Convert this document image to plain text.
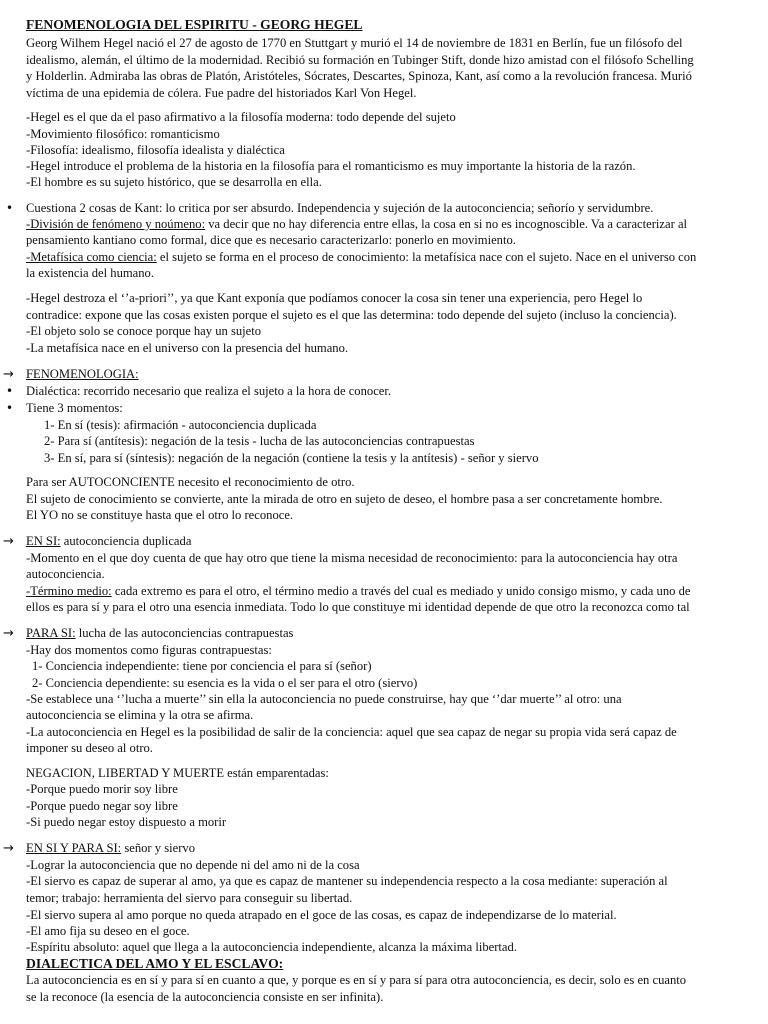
FENOMENOLOGIA DEL ESPIRITU - GEORG HEGEL
Georg Wilhem Hegel nació el 27 de agosto de 1770 en Stuttgart y murió el 14 de noviembre de 1831 en Berlín, fue un filósofo del
idealismo, alemán, el último de la modernidad. Recibió su formación en Tubinger Stift, donde hizo amistad con el filósofo Schelling
y Holderlin. Admiraba las obras de Platón, Aristóteles, Sócrates, Descartes, Spinoza, Kant, así como a la revolución francesa. Murió
víctima de una epidemia de cólera. Fue padre del historiados Karl Von Hegel.
-Hegel es el que da el paso afirmativo a la filosofía moderna: todo depende del sujeto
-Movimiento filosófico: romanticismo
-Filosofía: idealismo, filosofía idealista y dialéctica
-Hegel introduce el problema de la historia en la filosofía para el romanticismo es muy importante la historia de la razón.
-El hombre es su sujeto histórico, que se desarrolla en ella.
• Cuestiona 2 cosas de Kant: lo critica por ser absurdo. Independencia y sujeción de la autoconciencia; señorío y servidumbre.
-División de fenómeno y noúmeno: va decir que no hay diferencia entre ellas, la cosa en si no es incognoscible. Va a caracterizar al
pensamiento kantiano como formal, dice que es necesario caracterizarlo: ponerlo en movimiento.
-Metafísica como ciencia: el sujeto se forma en el proceso de conocimiento: la metafísica nace con el sujeto. Nace en el universo con
la existencia del humano.
-Hegel destroza el ‘’a-priori’’, ya que Kant exponía que podíamos conocer la cosa sin tener una experiencia, pero Hegel lo
contradice: expone que las cosas existen porque el sujeto es el que las determina: todo depende del sujeto (incluso la conciencia).
-El objeto solo se conoce porque hay un sujeto
-La metafísica nace en el universo con la presencia del humano.
→ FENOMENOLOGIA:
• Dialéctica: recorrido necesario que realiza el sujeto a la hora de conocer.
• Tiene 3 momentos:
1- En sí (tesis): afirmación - autoconciencia duplicada
2- Para sí (antítesis): negación de la tesis - lucha de las autoconciencias contrapuestas
3- En sí, para sí (síntesis): negación de la negación (contiene la tesis y la antítesis) - señor y siervo
Para ser AUTOCONCIENTE necesito el reconocimiento de otro.
El sujeto de conocimiento se convierte, ante la mirada de otro en sujeto de deseo, el hombre pasa a ser concretamente hombre.
El YO no se constituye hasta que el otro lo reconoce.
→ EN SI: autoconciencia duplicada
-Momento en el que doy cuenta de que hay otro que tiene la misma necesidad de reconocimiento: para la autoconciencia hay otra
autoconciencia.
-Término medio: cada extremo es para el otro, el término medio a través del cual es mediado y unido consigo mismo, y cada uno de
ellos es para sí y para el otro una esencia inmediata. Todo lo que constituye mi identidad depende de que otro la reconozca como tal
→ PARA SI: lucha de las autoconciencias contrapuestas
-Hay dos momentos como figuras contrapuestas:
1- Conciencia independiente: tiene por conciencia el para sí (señor)
2- Conciencia dependiente: su esencia es la vida o el ser para el otro (siervo)
-Se establece una ‘’lucha a muerte’’ sin ella la autoconciencia no puede construirse, hay que ‘’dar muerte’’ al otro: una
autoconciencia se elimina y la otra se afirma.
-La autoconciencia en Hegel es la posibilidad de salir de la conciencia: aquel que sea capaz de negar su propia vida será capaz de
imponer su deseo al otro.
NEGACION, LIBERTAD Y MUERTE están emparentadas:
-Porque puedo morir soy libre
-Porque puedo negar soy libre
-Si puedo negar estoy dispuesto a morir
→ EN SI Y PARA SI: señor y siervo
-Lograr la autoconciencia que no depende ni del amo ni de la cosa
-El siervo es capaz de superar al amo, ya que es capaz de mantener su independencia respecto a la cosa mediante: superación al
temor; trabajo: herramienta del siervo para conseguir su libertad.
-El siervo supera al amo porque no queda atrapado en el goce de las cosas, es capaz de independizarse de lo material.
-El amo fija su deseo en el goce.
-Espíritu absoluto: aquel que llega a la autoconciencia independiente, alcanza la máxima libertad.
DIALECTICA DEL AMO Y EL ESCLAVO:
La autoconciencia es en sí y para sí en cuanto a que, y porque es en sí y para sí para otra autoconciencia, es decir, solo es en cuanto
se la reconoce (la esencia de la autoconciencia consiste en ser infinita).
